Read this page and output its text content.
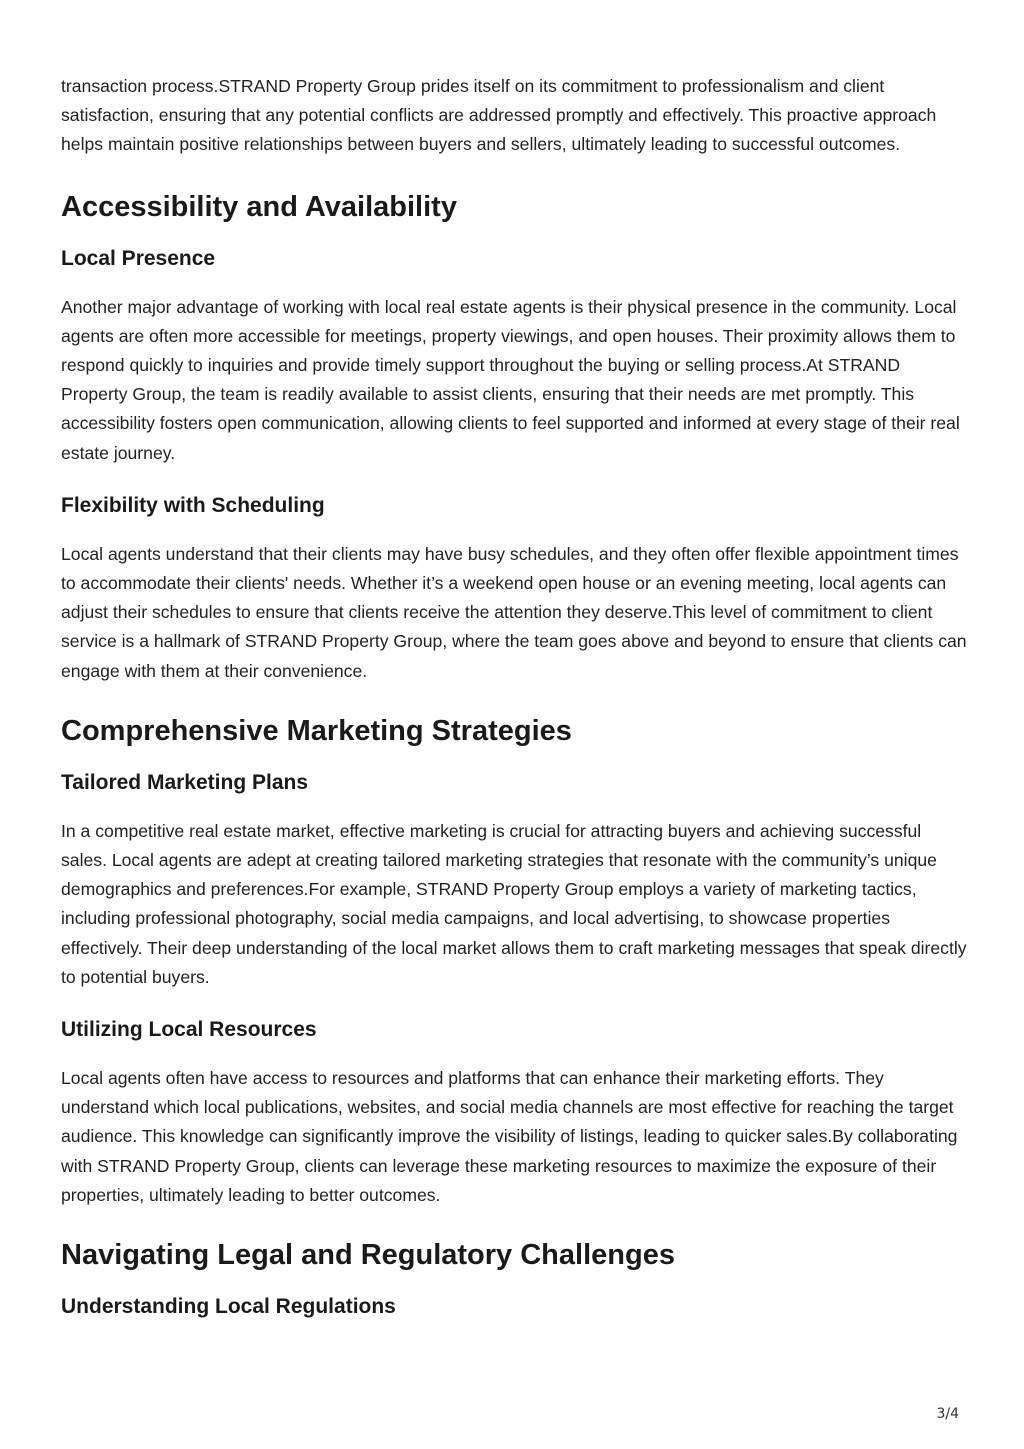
transaction process.STRAND Property Group prides itself on its commitment to professionalism and client satisfaction, ensuring that any potential conflicts are addressed promptly and effectively. This proactive approach helps maintain positive relationships between buyers and sellers, ultimately leading to successful outcomes.

Accessibility and Availability
Local Presence

Another major advantage of working with local real estate agents is their physical presence in the community. Local agents are often more accessible for meetings, property viewings, and open houses. Their proximity allows them to respond quickly to inquiries and provide timely support throughout the buying or selling process.At STRAND Property Group, the team is readily available to assist clients, ensuring that their needs are met promptly. This accessibility fosters open communication, allowing clients to feel supported and informed at every stage of their real estate journey.

Flexibility with Scheduling

Local agents understand that their clients may have busy schedules, and they often offer flexible appointment times to accommodate their clients' needs. Whether it’s a weekend open house or an evening meeting, local agents can adjust their schedules to ensure that clients receive the attention they deserve.This level of commitment to client service is a hallmark of STRAND Property Group, where the team goes above and beyond to ensure that clients can engage with them at their convenience.

Comprehensive Marketing Strategies
Tailored Marketing Plans

In a competitive real estate market, effective marketing is crucial for attracting buyers and achieving successful sales. Local agents are adept at creating tailored marketing strategies that resonate with the community’s unique demographics and preferences.For example, STRAND Property Group employs a variety of marketing tactics, including professional photography, social media campaigns, and local advertising, to showcase properties effectively. Their deep understanding of the local market allows them to craft marketing messages that speak directly to potential buyers.

Utilizing Local Resources

Local agents often have access to resources and platforms that can enhance their marketing efforts. They understand which local publications, websites, and social media channels are most effective for reaching the target audience. This knowledge can significantly improve the visibility of listings, leading to quicker sales.By collaborating with STRAND Property Group, clients can leverage these marketing resources to maximize the exposure of their properties, ultimately leading to better outcomes.

Navigating Legal and Regulatory Challenges
Understanding Local Regulations
3/4
